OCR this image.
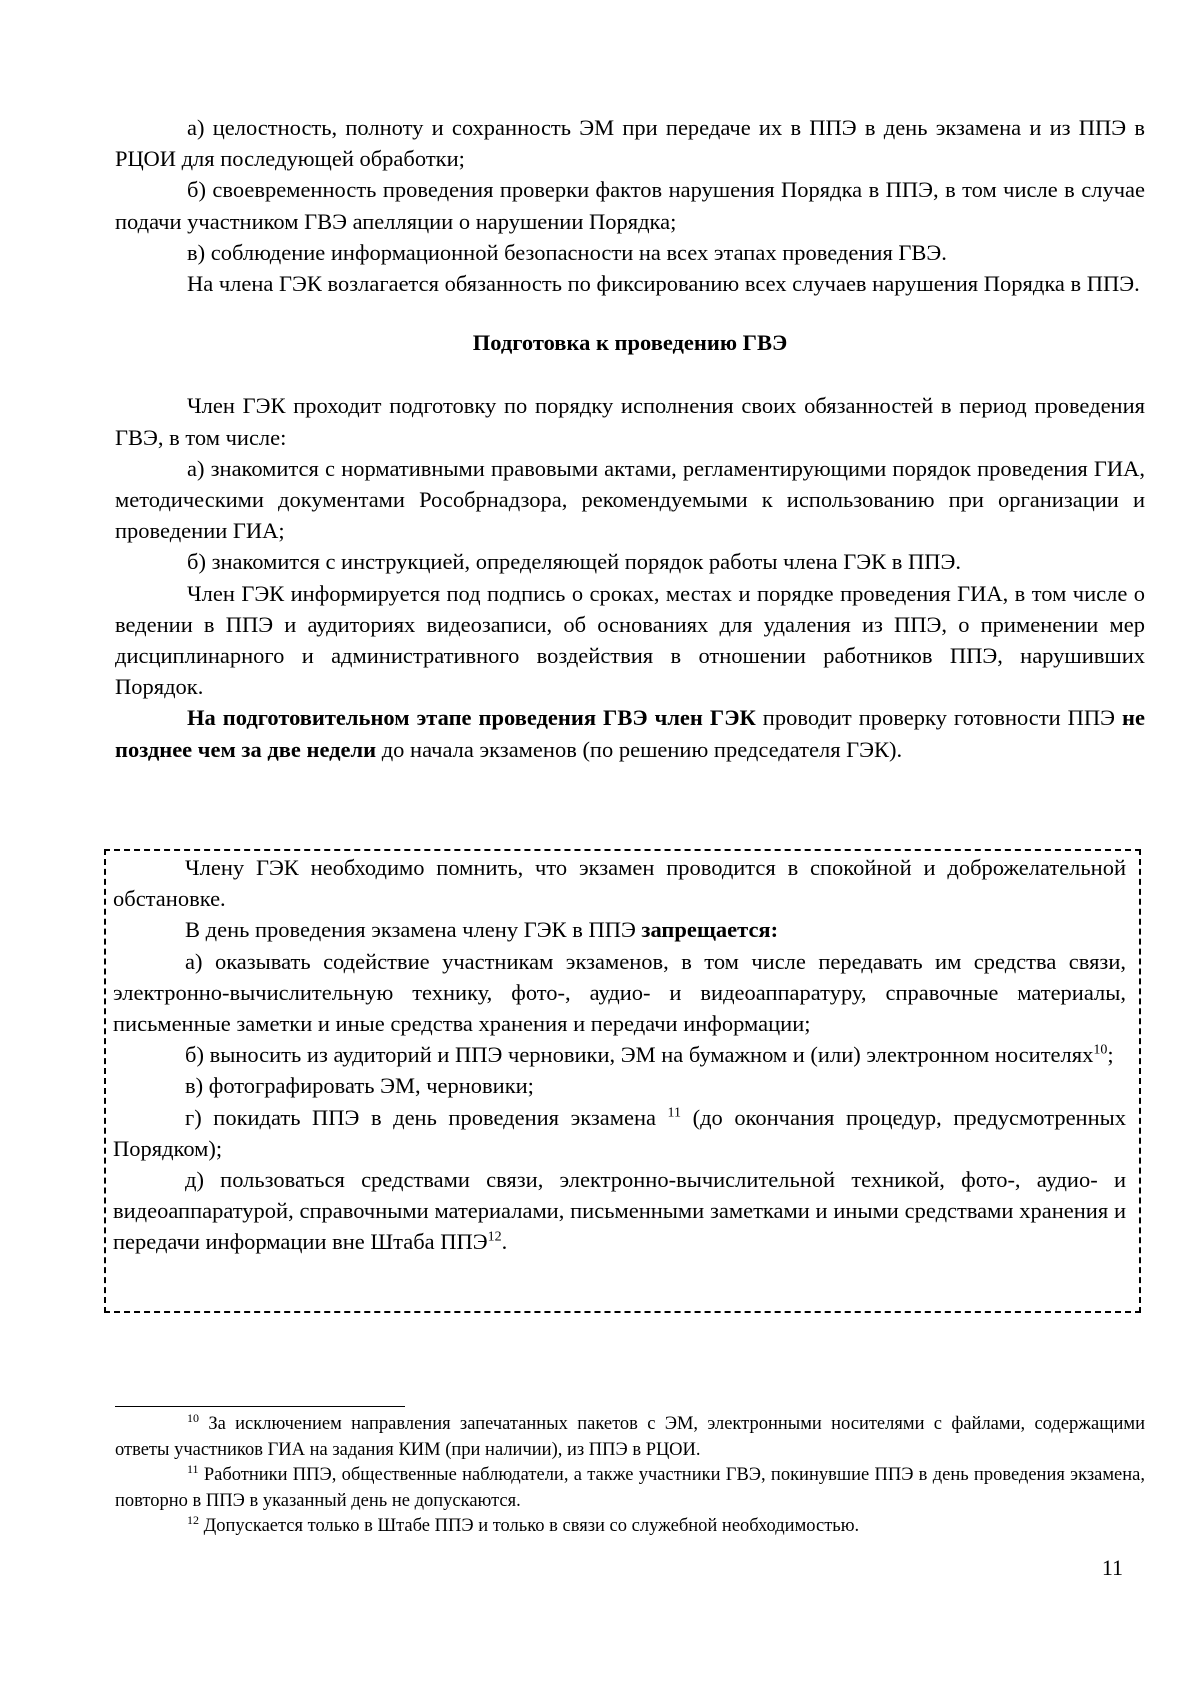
а) целостность, полноту и сохранность ЭМ при передаче их в ППЭ в день экзамена и из ППЭ в РЦОИ для последующей обработки;

б) своевременность проведения проверки фактов нарушения Порядка в ППЭ, в том числе в случае подачи участником ГВЭ апелляции о нарушении Порядка;

в) соблюдение информационной безопасности на всех этапах проведения ГВЭ.

На члена ГЭК возлагается обязанность по фиксированию всех случаев нарушения Порядка в ППЭ.

Подготовка к проведению ГВЭ

Член ГЭК проходит подготовку по порядку исполнения своих обязанностей в период проведения ГВЭ, в том числе:

а) знакомится с нормативными правовыми актами, регламентирующими порядок проведения ГИА, методическими документами Рособрнадзора, рекомендуемыми к использованию при организации и проведении ГИА;

б) знакомится с инструкцией, определяющей порядок работы члена ГЭК в ППЭ.

Член ГЭК информируется под подпись о сроках, местах и порядке проведения ГИА, в том числе о ведении в ППЭ и аудиториях видеозаписи, об основаниях для удаления из ППЭ, о применении мер дисциплинарного и административного воздействия в отношении работников ППЭ, нарушивших Порядок.

На подготовительном этапе проведения ГВЭ член ГЭК проводит проверку готовности ППЭ не позднее чем за две недели до начала экзаменов (по решению председателя ГЭК).

Члену ГЭК необходимо помнить, что экзамен проводится в спокойной и доброжелательной обстановке.

В день проведения экзамена члену ГЭК в ППЭ запрещается:

а) оказывать содействие участникам экзаменов, в том числе передавать им средства связи, электронно-вычислительную технику, фото-, аудио- и видеоаппаратуру, справочные материалы, письменные заметки и иные средства хранения и передачи информации;

б) выносить из аудиторий и ППЭ черновики, ЭМ на бумажном и (или) электронном носителях$^{10}$;

в) фотографировать ЭМ, черновики;

г) покидать ППЭ в день проведения экзамена $^{11}$ (до окончания процедур, предусмотренных Порядком);

д) пользоваться средствами связи, электронно-вычислительной техникой, фото-, аудио- и видеоаппаратурой, справочными материалами, письменными заметками и иными средствами хранения и передачи информации вне Штаба ППЭ$^{12}$.

$^{10}$ За исключением направления запечатанных пакетов с ЭМ, электронными носителями с файлами, содержащими ответы участников ГИА на задания КИМ (при наличии), из ППЭ в РЦОИ.

$^{11}$ Работники ППЭ, общественные наблюдатели, а также участники ГВЭ, покинувшие ППЭ в день проведения экзамена, повторно в ППЭ в указанный день не допускаются.

$^{12}$ Допускается только в Штабе ППЭ и только в связи со служебной необходимостью.

11
